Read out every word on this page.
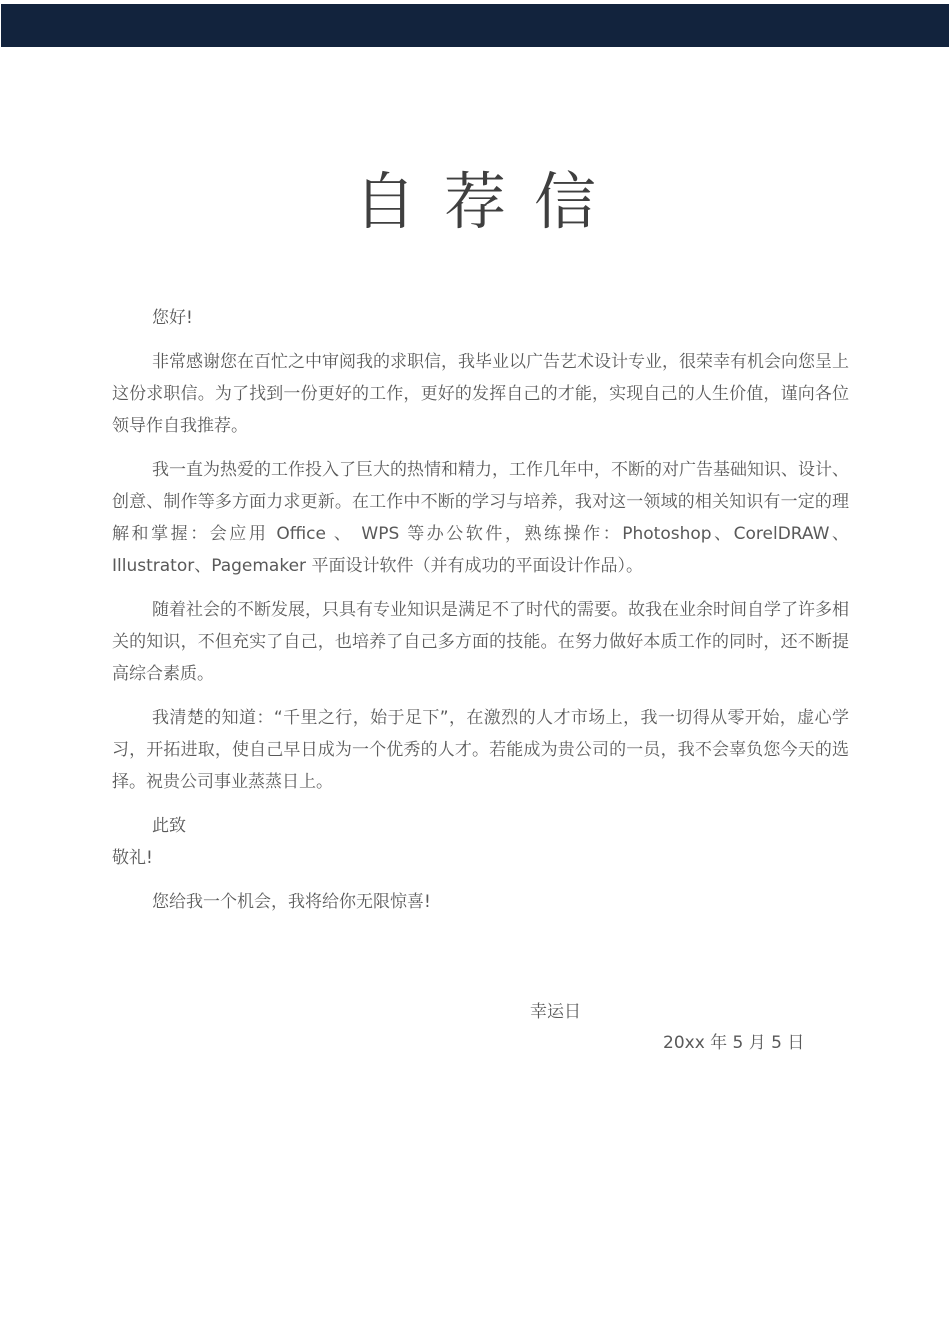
自荐信

您好!

非常感谢您在百忙之中审阅我的求职信，我毕业以广告艺术设计专业，很荣幸有机会向您呈上这份求职信。为了找到一份更好的工作，更好的发挥自己的才能，实现自己的人生价值，谨向各位领导作自我推荐。

我一直为热爱的工作投入了巨大的热情和精力，工作几年中，不断的对广告基础知识、设计、创意、制作等多方面力求更新。在工作中不断的学习与培养，我对这一领域的相关知识有一定的理解和掌握：会应用 Office 、 WPS 等办公软件，熟练操作：Photoshop、CorelDRAW、Illustrator、Pagemaker 平面设计软件（并有成功的平面设计作品）。

随着社会的不断发展，只具有专业知识是满足不了时代的需要。故我在业余时间自学了许多相关的知识，不但充实了自己，也培养了自己多方面的技能。在努力做好本质工作的同时，还不断提高综合素质。

我清楚的知道：“千里之行，始于足下”，在激烈的人才市场上，我一切得从零开始，虚心学习，开拓进取，使自己早日成为一个优秀的人才。若能成为贵公司的一员，我不会辜负您今天的选择。祝贵公司事业蒸蒸日上。

此致

敬礼!

您给我一个机会，我将给你无限惊喜!

幸运日
20xx 年 5 月 5 日
